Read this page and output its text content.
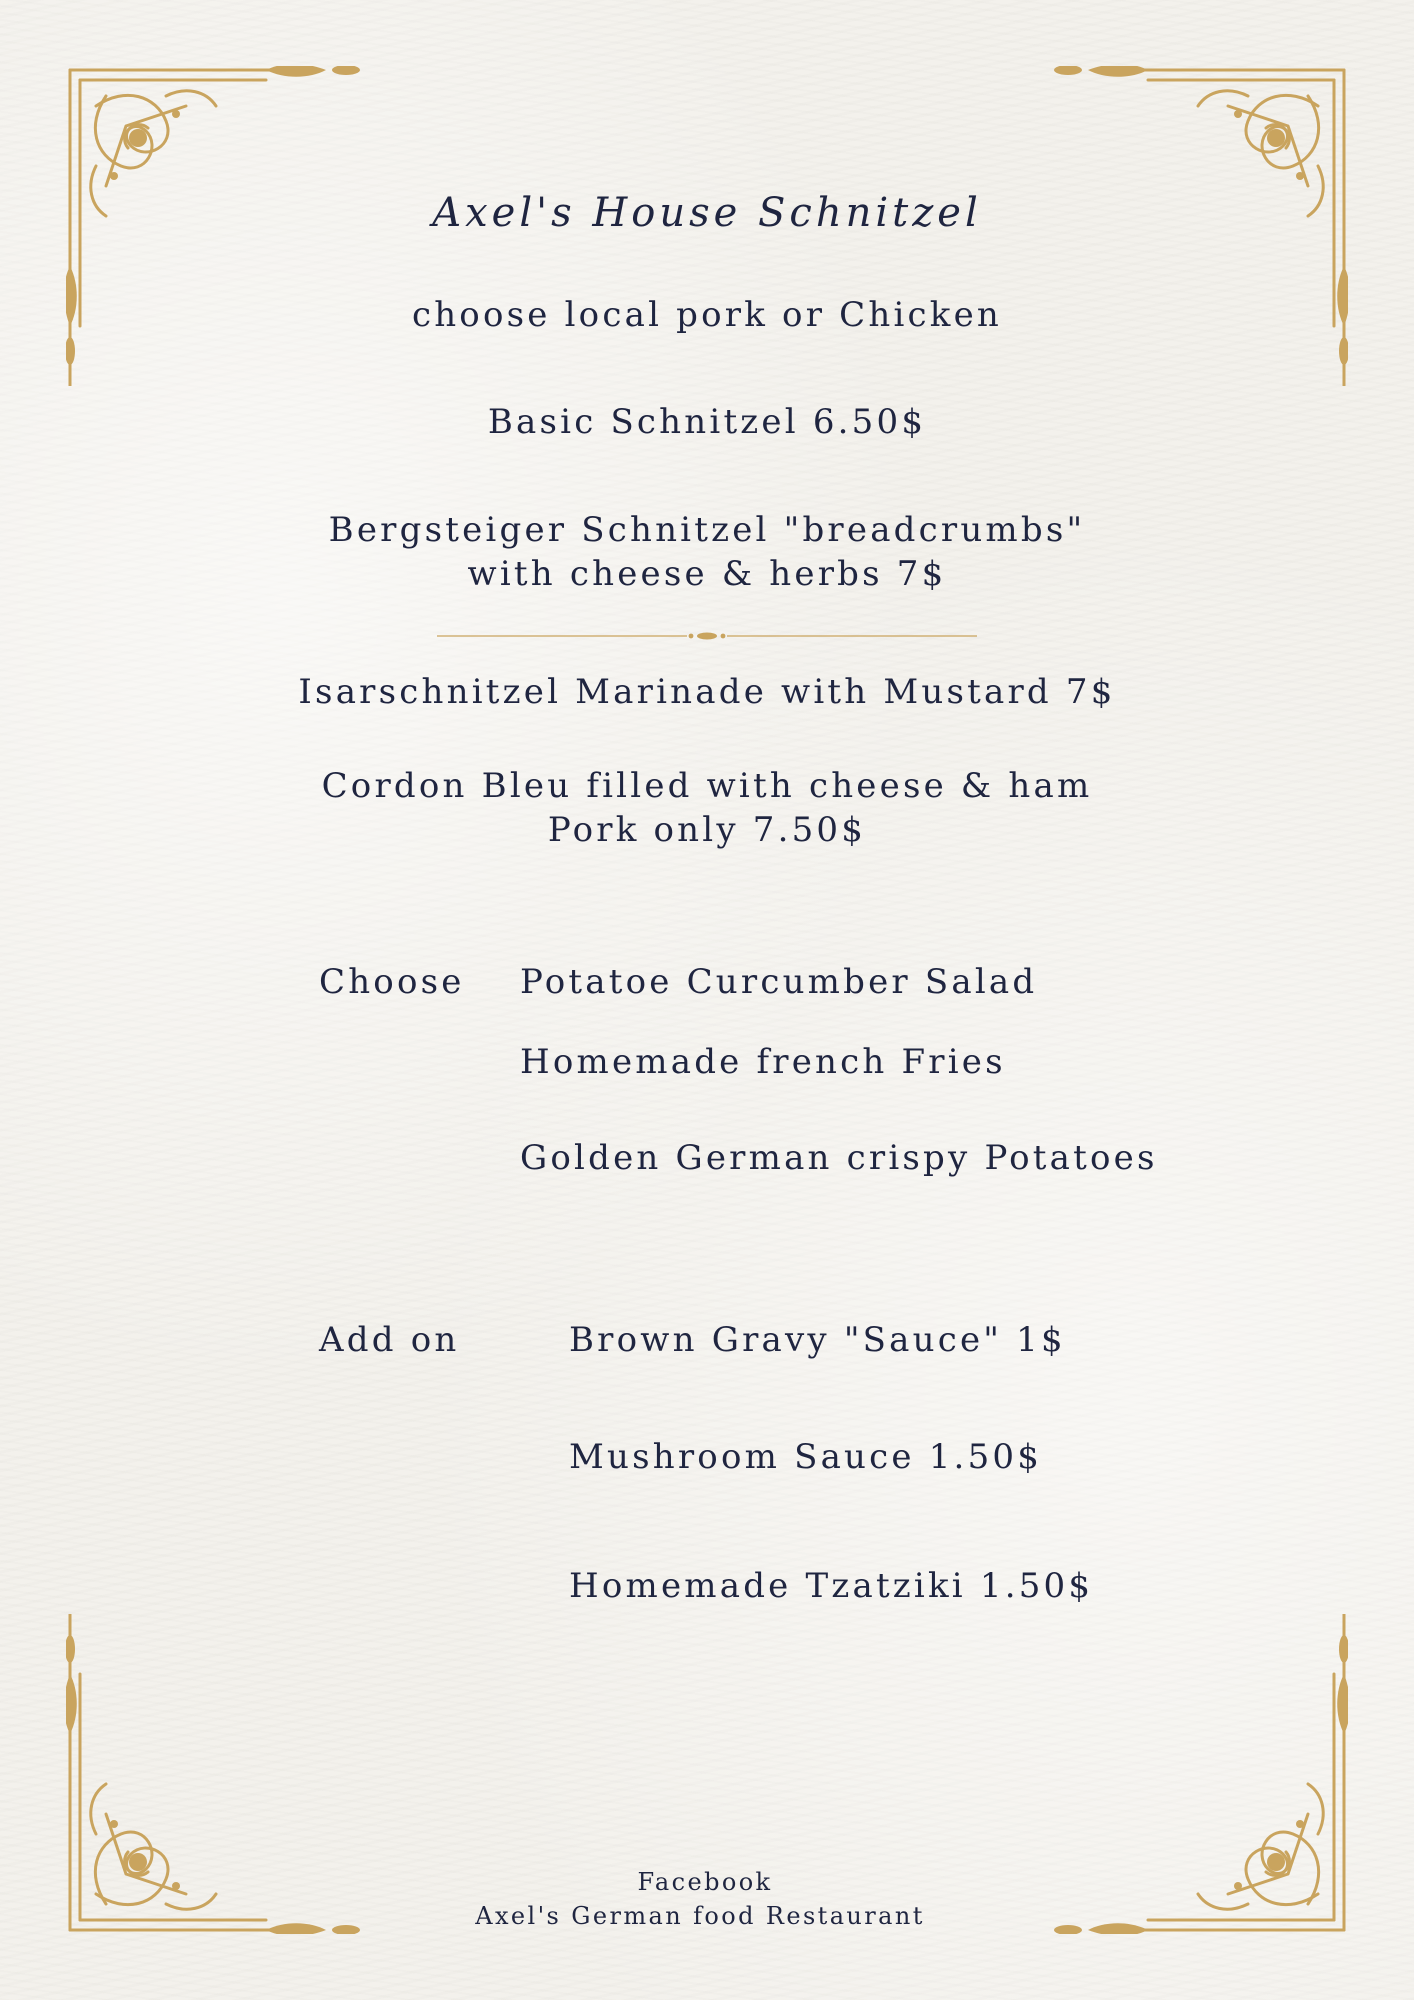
Axel's House Schnitzel
choose local pork or Chicken
Basic Schnitzel 6.50$
Bergsteiger Schnitzel "breadcrumbs"
with cheese & herbs 7$
Isarschnitzel Marinade with Mustard 7$
Cordon Bleu filled with cheese & ham
Pork only 7.50$
Choose Potatoe Curcumber Salad
Homemade french Fries
Golden German crispy Potatoes
Add on	Brown Gravy "Sauce" 1$
Mushroom Sauce 1.50$
Homemade Tzatziki 1.50$
Facebook
Axel's German food Restaurant
